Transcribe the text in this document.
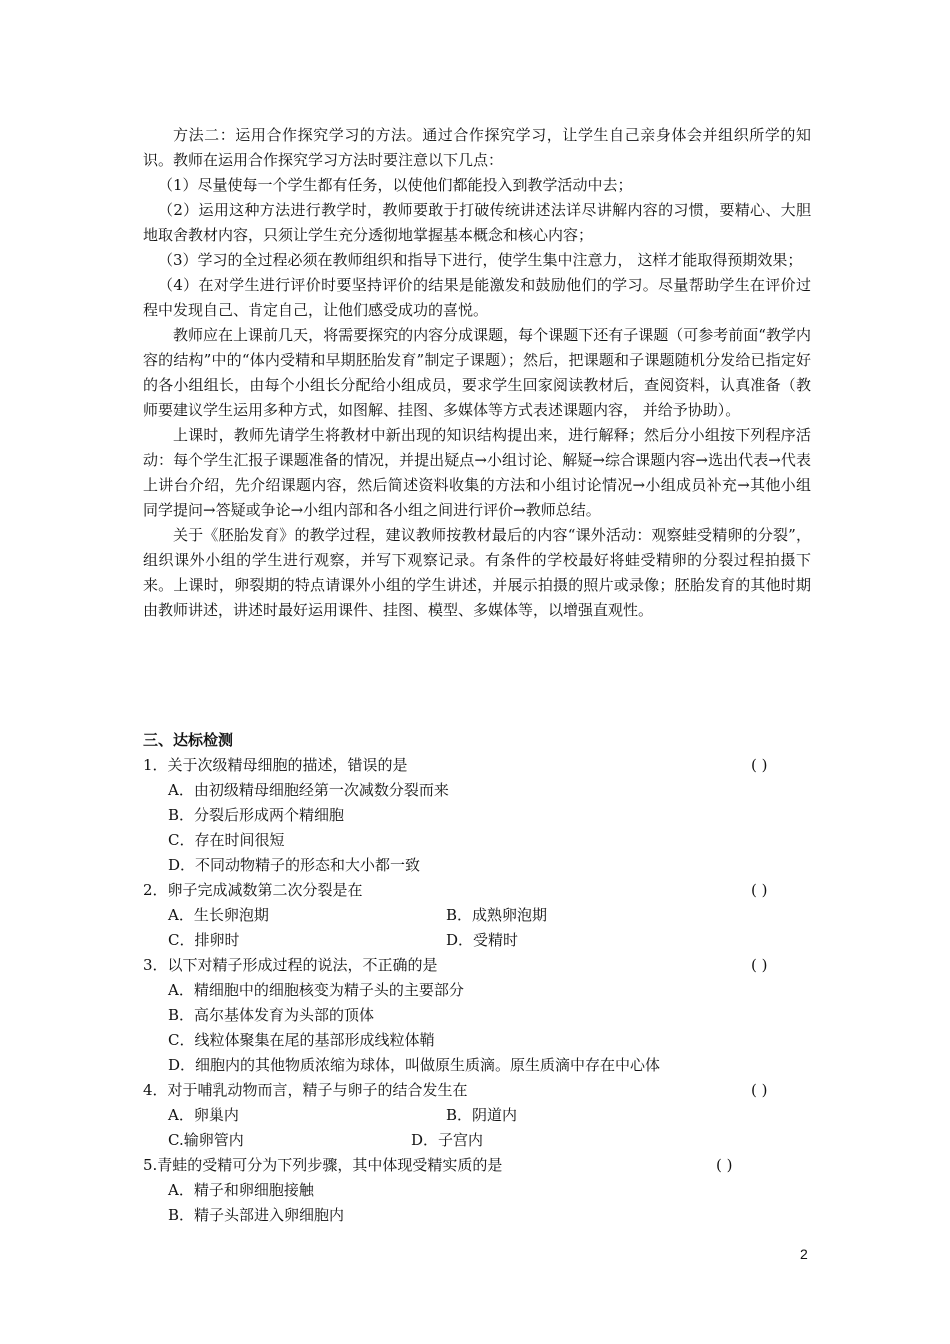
方法二：运用合作探究学习的方法。通过合作探究学习，让学生自己亲身体会并组织所学的知识。教师在运用合作探究学习方法时要注意以下几点：

（1）尽量使每一个学生都有任务，以使他们都能投入到教学活动中去；

（2）运用这种方法进行教学时，教师要敢于打破传统讲述法详尽讲解内容的习惯，要精心、大胆地取舍教材内容，只须让学生充分透彻地掌握基本概念和核心内容；

（3）学习的全过程必须在教师组织和指导下进行，使学生集中注意力， 这样才能取得预期效果；

（4）在对学生进行评价时要坚持评价的结果是能激发和鼓励他们的学习。尽量帮助学生在评价过程中发现自己、肯定自己，让他们感受成功的喜悦。

教师应在上课前几天，将需要探究的内容分成课题，每个课题下还有子课题（可参考前面“教学内容的结构”中的“体内受精和早期胚胎发育”制定子课题）；然后，把课题和子课题随机分发给已指定好的各小组组长，由每个小组长分配给小组成员，要求学生回家阅读教材后，查阅资料，认真准备（教师要建议学生运用多种方式，如图解、挂图、多媒体等方式表述课题内容， 并给予协助）。

上课时，教师先请学生将教材中新出现的知识结构提出来，进行解释；然后分小组按下列程序活动：每个学生汇报子课题准备的情况，并提出疑点→小组讨论、解疑→综合课题内容→选出代表→代表上讲台介绍，先介绍课题内容，然后简述资料收集的方法和小组讨论情况→小组成员补充→其他小组同学提问→答疑或争论→小组内部和各小组之间进行评价→教师总结。

关于《胚胎发育》的教学过程，建议教师按教材最后的内容“课外活动：观察蛙受精卵的分裂”，组织课外小组的学生进行观察，并写下观察记录。有条件的学校最好将蛙受精卵的分裂过程拍摄下来。上课时，卵裂期的特点请课外小组的学生讲述，并展示拍摄的照片或录像；胚胎发育的其他时期由教师讲述，讲述时最好运用课件、挂图、模型、多媒体等，以增强直观性。

三、达标检测

1．关于次级精母细胞的描述，错误的是	( )
A．由初级精母细胞经第一次减数分裂而来
B．分裂后形成两个精细胞
C．存在时间很短
D．不同动物精子的形态和大小都一致
2．卵子完成减数第二次分裂是在	( )
A．生长卵泡期	B．成熟卵泡期
C．排卵时	D．受精时
3．以下对精子形成过程的说法，不正确的是	( )
A．精细胞中的细胞核变为精子头的主要部分
B．高尔基体发育为头部的顶体
C．线粒体聚集在尾的基部形成线粒体鞘
D．细胞内的其他物质浓缩为球体，叫做原生质滴。原生质滴中存在中心体
4．对于哺乳动物而言，精子与卵子的结合发生在	( )
A．卵巢内	B．阴道内
C.输卵管内	D．子宫内
5.青蛙的受精可分为下列步骤，其中体现受精实质的是	( )
A．精子和卵细胞接触
B．精子头部进入卵细胞内
2
